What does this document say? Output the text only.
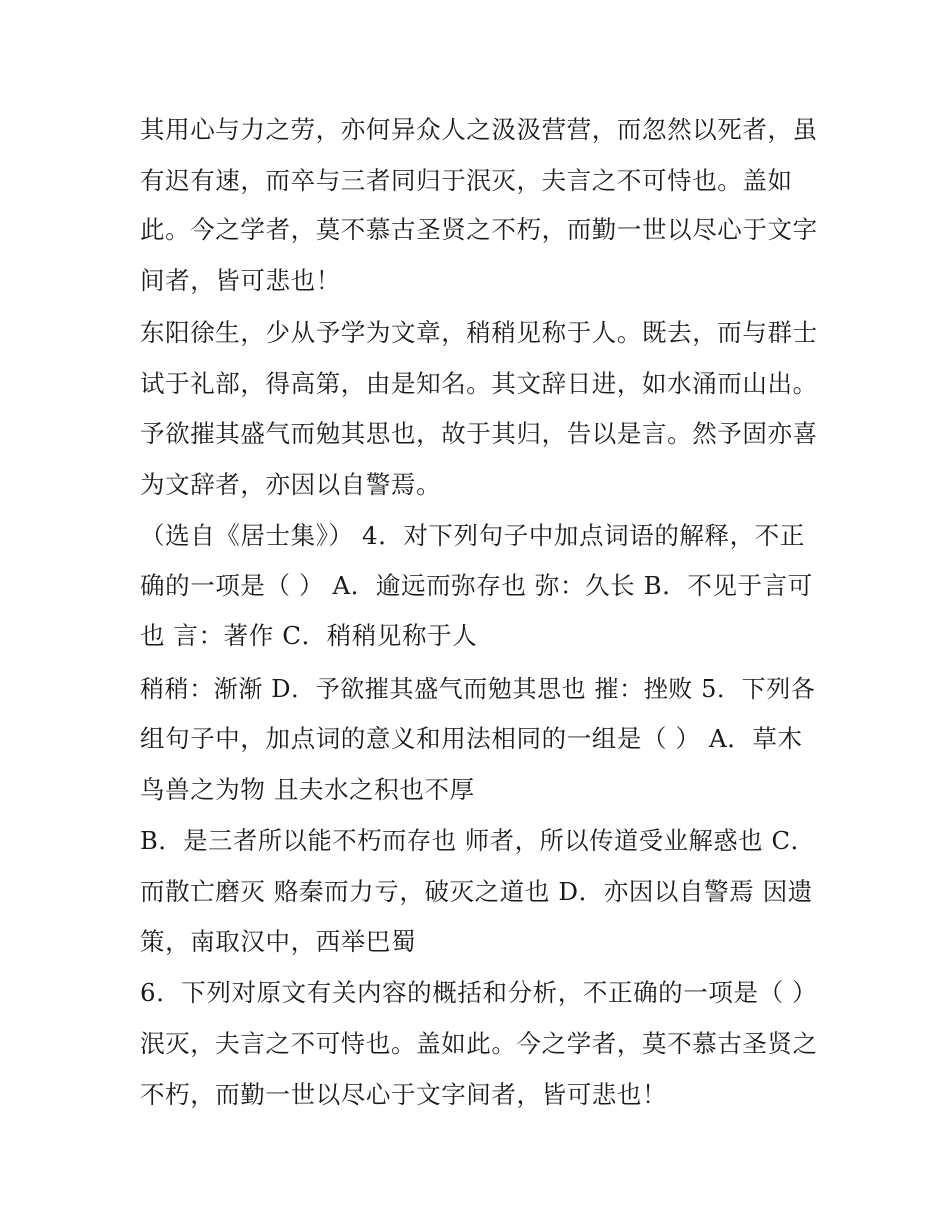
其用心与力之劳，亦何异众人之汲汲营营，而忽然以死者，虽
有迟有速，而卒与三者同归于泯灭，夫言之不可恃也。盖如
此。今之学者，莫不慕古圣贤之不朽，而勤一世以尽心于文字
间者，皆可悲也！
东阳徐生，少从予学为文章，稍稍见称于人。既去，而与群士
试于礼部，得高第，由是知名。其文辞日进，如水涌而山出。
予欲摧其盛气而勉其思也，故于其归，告以是言。然予固亦喜
为文辞者，亦因以自警焉。
（选自《居士集》） 4．对下列句子中加点词语的解释，不正
确的一项是（ ） A．逾远而弥存也 弥：久长 B．不见于言可
也 言：著作 C．稍稍见称于人
稍稍：渐渐 D．予欲摧其盛气而勉其思也 摧：挫败 5．下列各
组句子中，加点词的意义和用法相同的一组是（ ） A．草木
鸟兽之为物 且夫水之积也不厚
B．是三者所以能不朽而存也 师者，所以传道受业解惑也 C．
而散亡磨灭 赂秦而力亏，破灭之道也 D．亦因以自警焉 因遗
策，南取汉中，西举巴蜀
6．下列对原文有关内容的概括和分析，不正确的一项是（ ）
泯灭，夫言之不可恃也。盖如此。今之学者，莫不慕古圣贤之
不朽，而勤一世以尽心于文字间者，皆可悲也！
